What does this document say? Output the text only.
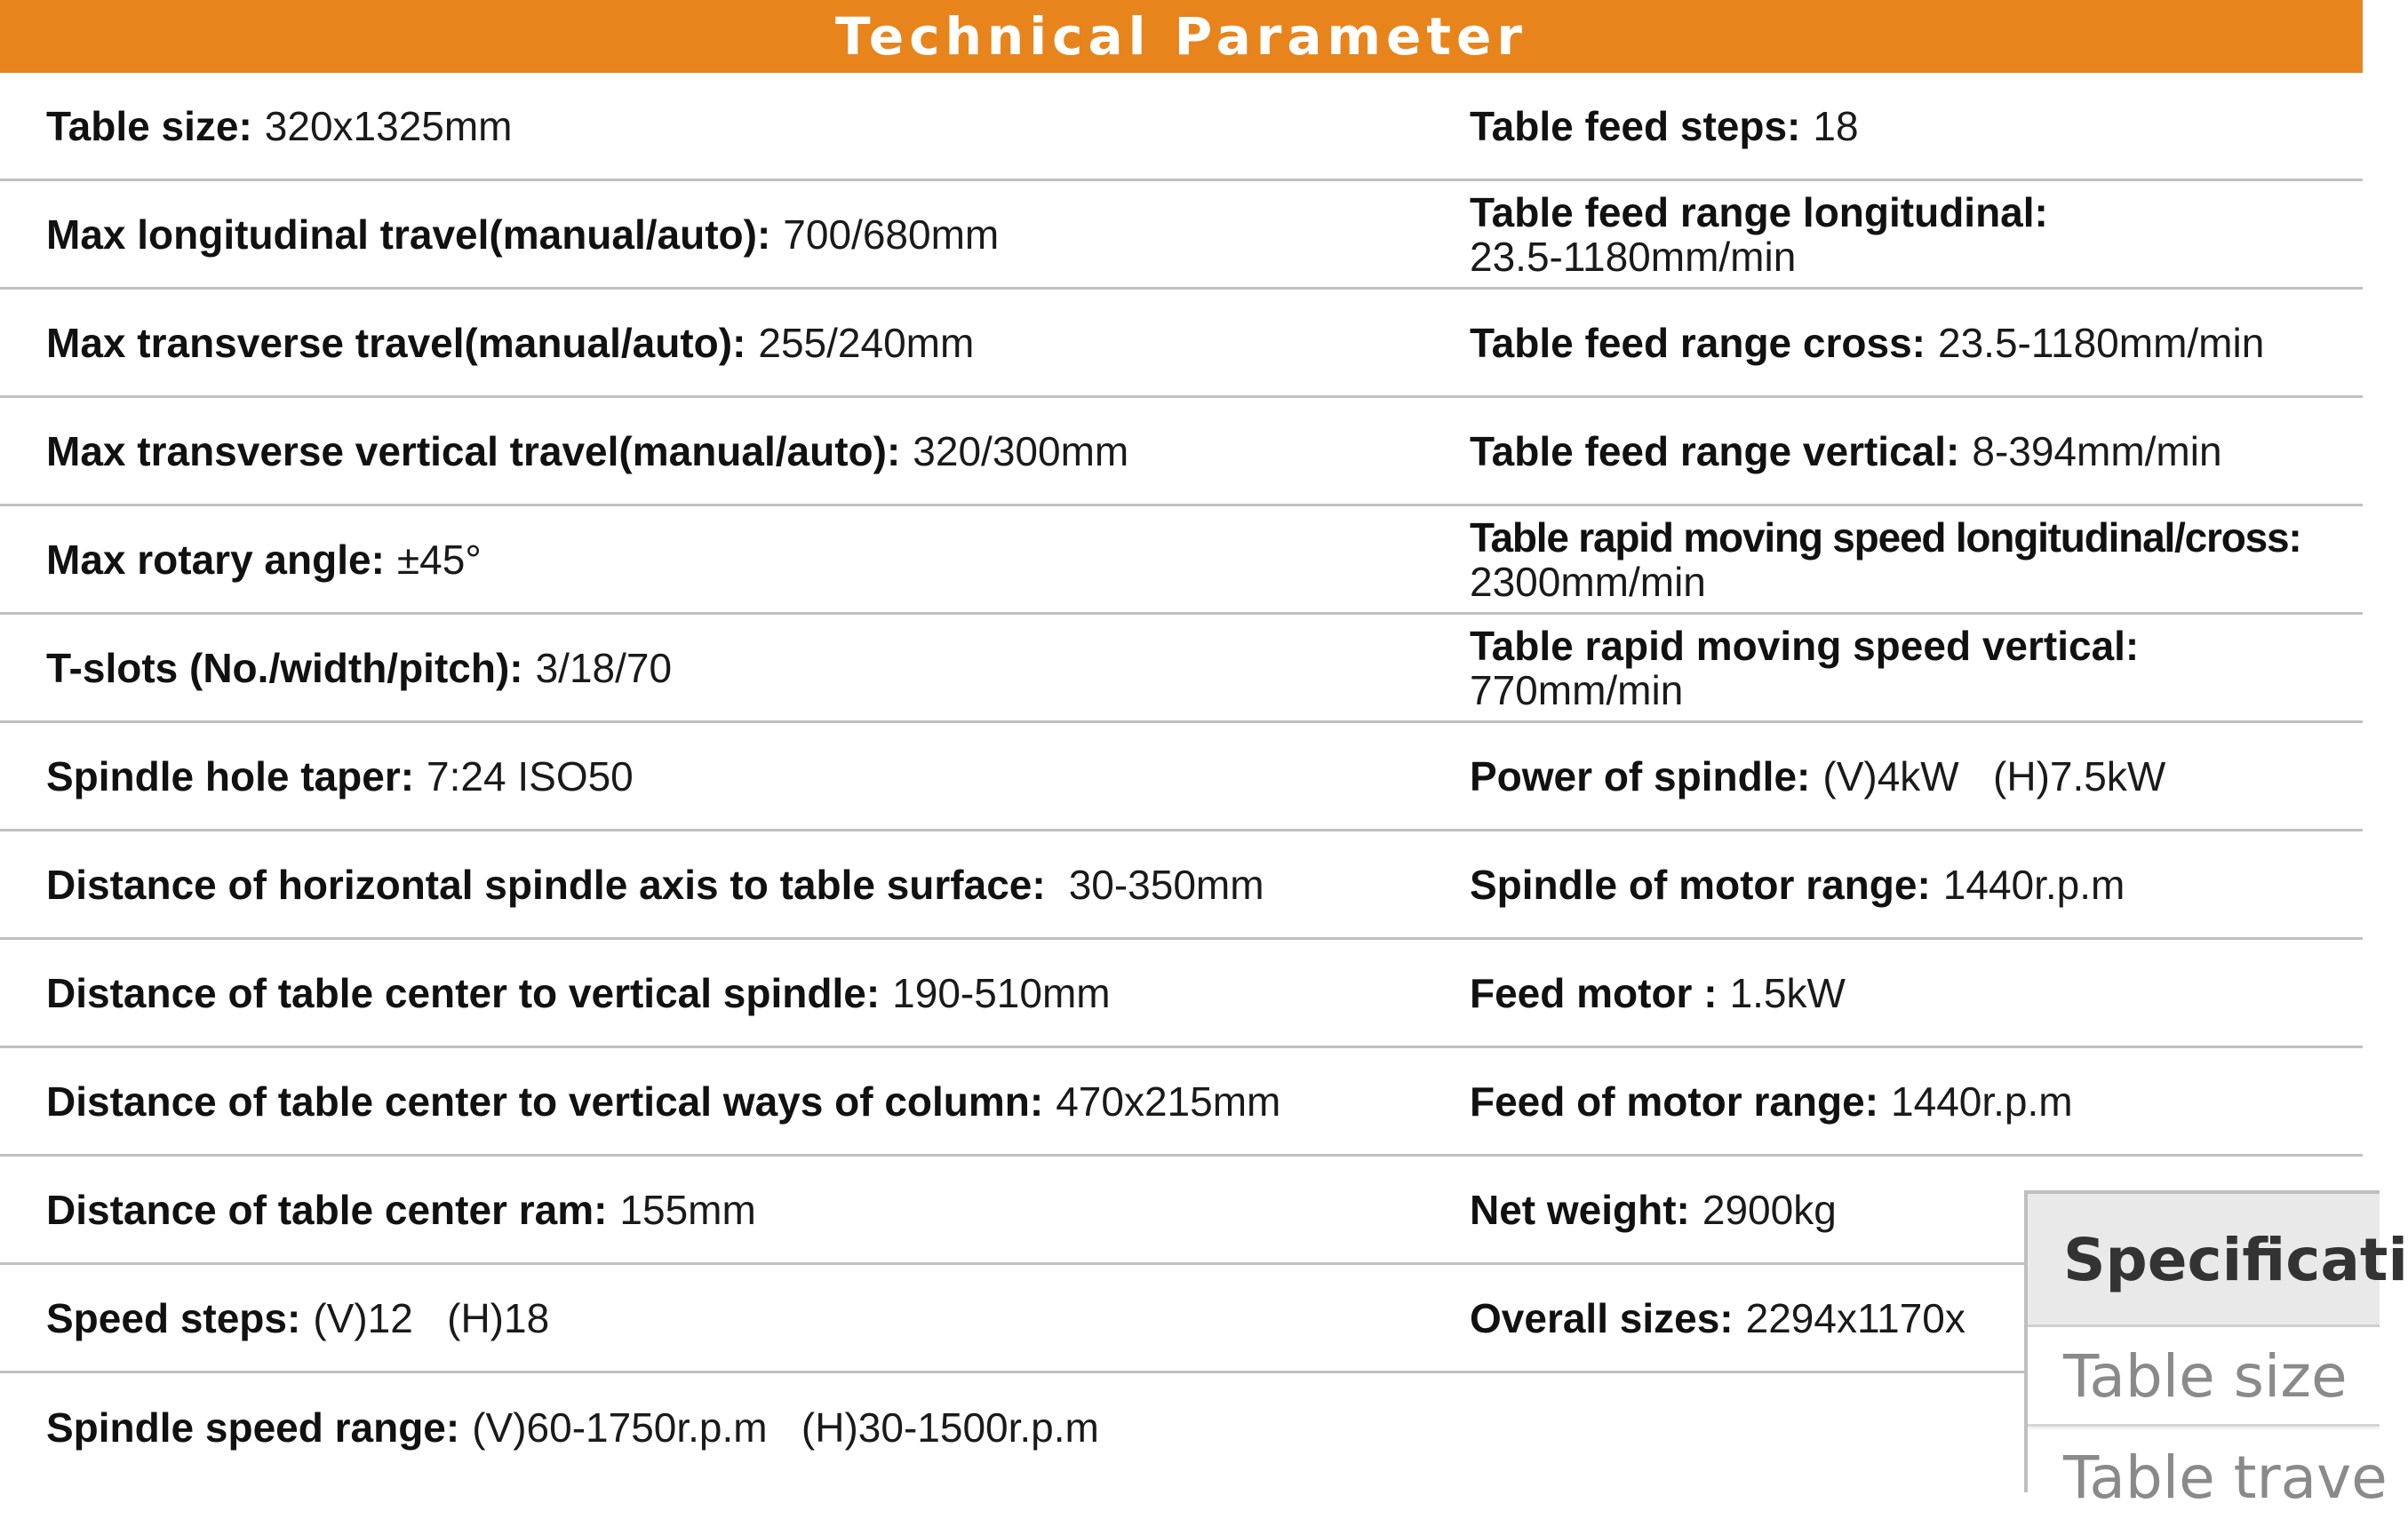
Technical Parameter
Table size: 320x1325mm	Table feed steps: 18
Max longitudinal travel(manual/auto): 700/680mm	Table feed range longitudinal:
23.5-1180mm/min
Max transverse travel(manual/auto): 255/240mm	Table feed range cross: 23.5-1180mm/min
Max transverse vertical travel(manual/auto): 320/300mm	Table feed range vertical: 8-394mm/min
Max rotary angle: ±45°	Table rapid moving speed longitudinal/cross:
2300mm/min
T-slots (No./width/pitch): 3/18/70	Table rapid moving speed vertical:
770mm/min
Spindle hole taper: 7:24 ISO50	Power of spindle: (V)4kW   (H)7.5kW
Distance of horizontal spindle axis to table surface: 30-350mm	Spindle of motor range: 1440r.p.m
Distance of table center to vertical spindle: 190-510mm	Feed motor : 1.5kW
Distance of table center to vertical ways of column: 470x215mm	Feed of motor range: 1440r.p.m
Distance of table center ram: 155mm	Net weight: 2900kg
Speed steps: (V)12   (H)18	Overall sizes: 2294x1170x
Spindle speed range: (V)60-1750r.p.m   (H)30-1500r.p.m
Specificati
Table size
Table trave
